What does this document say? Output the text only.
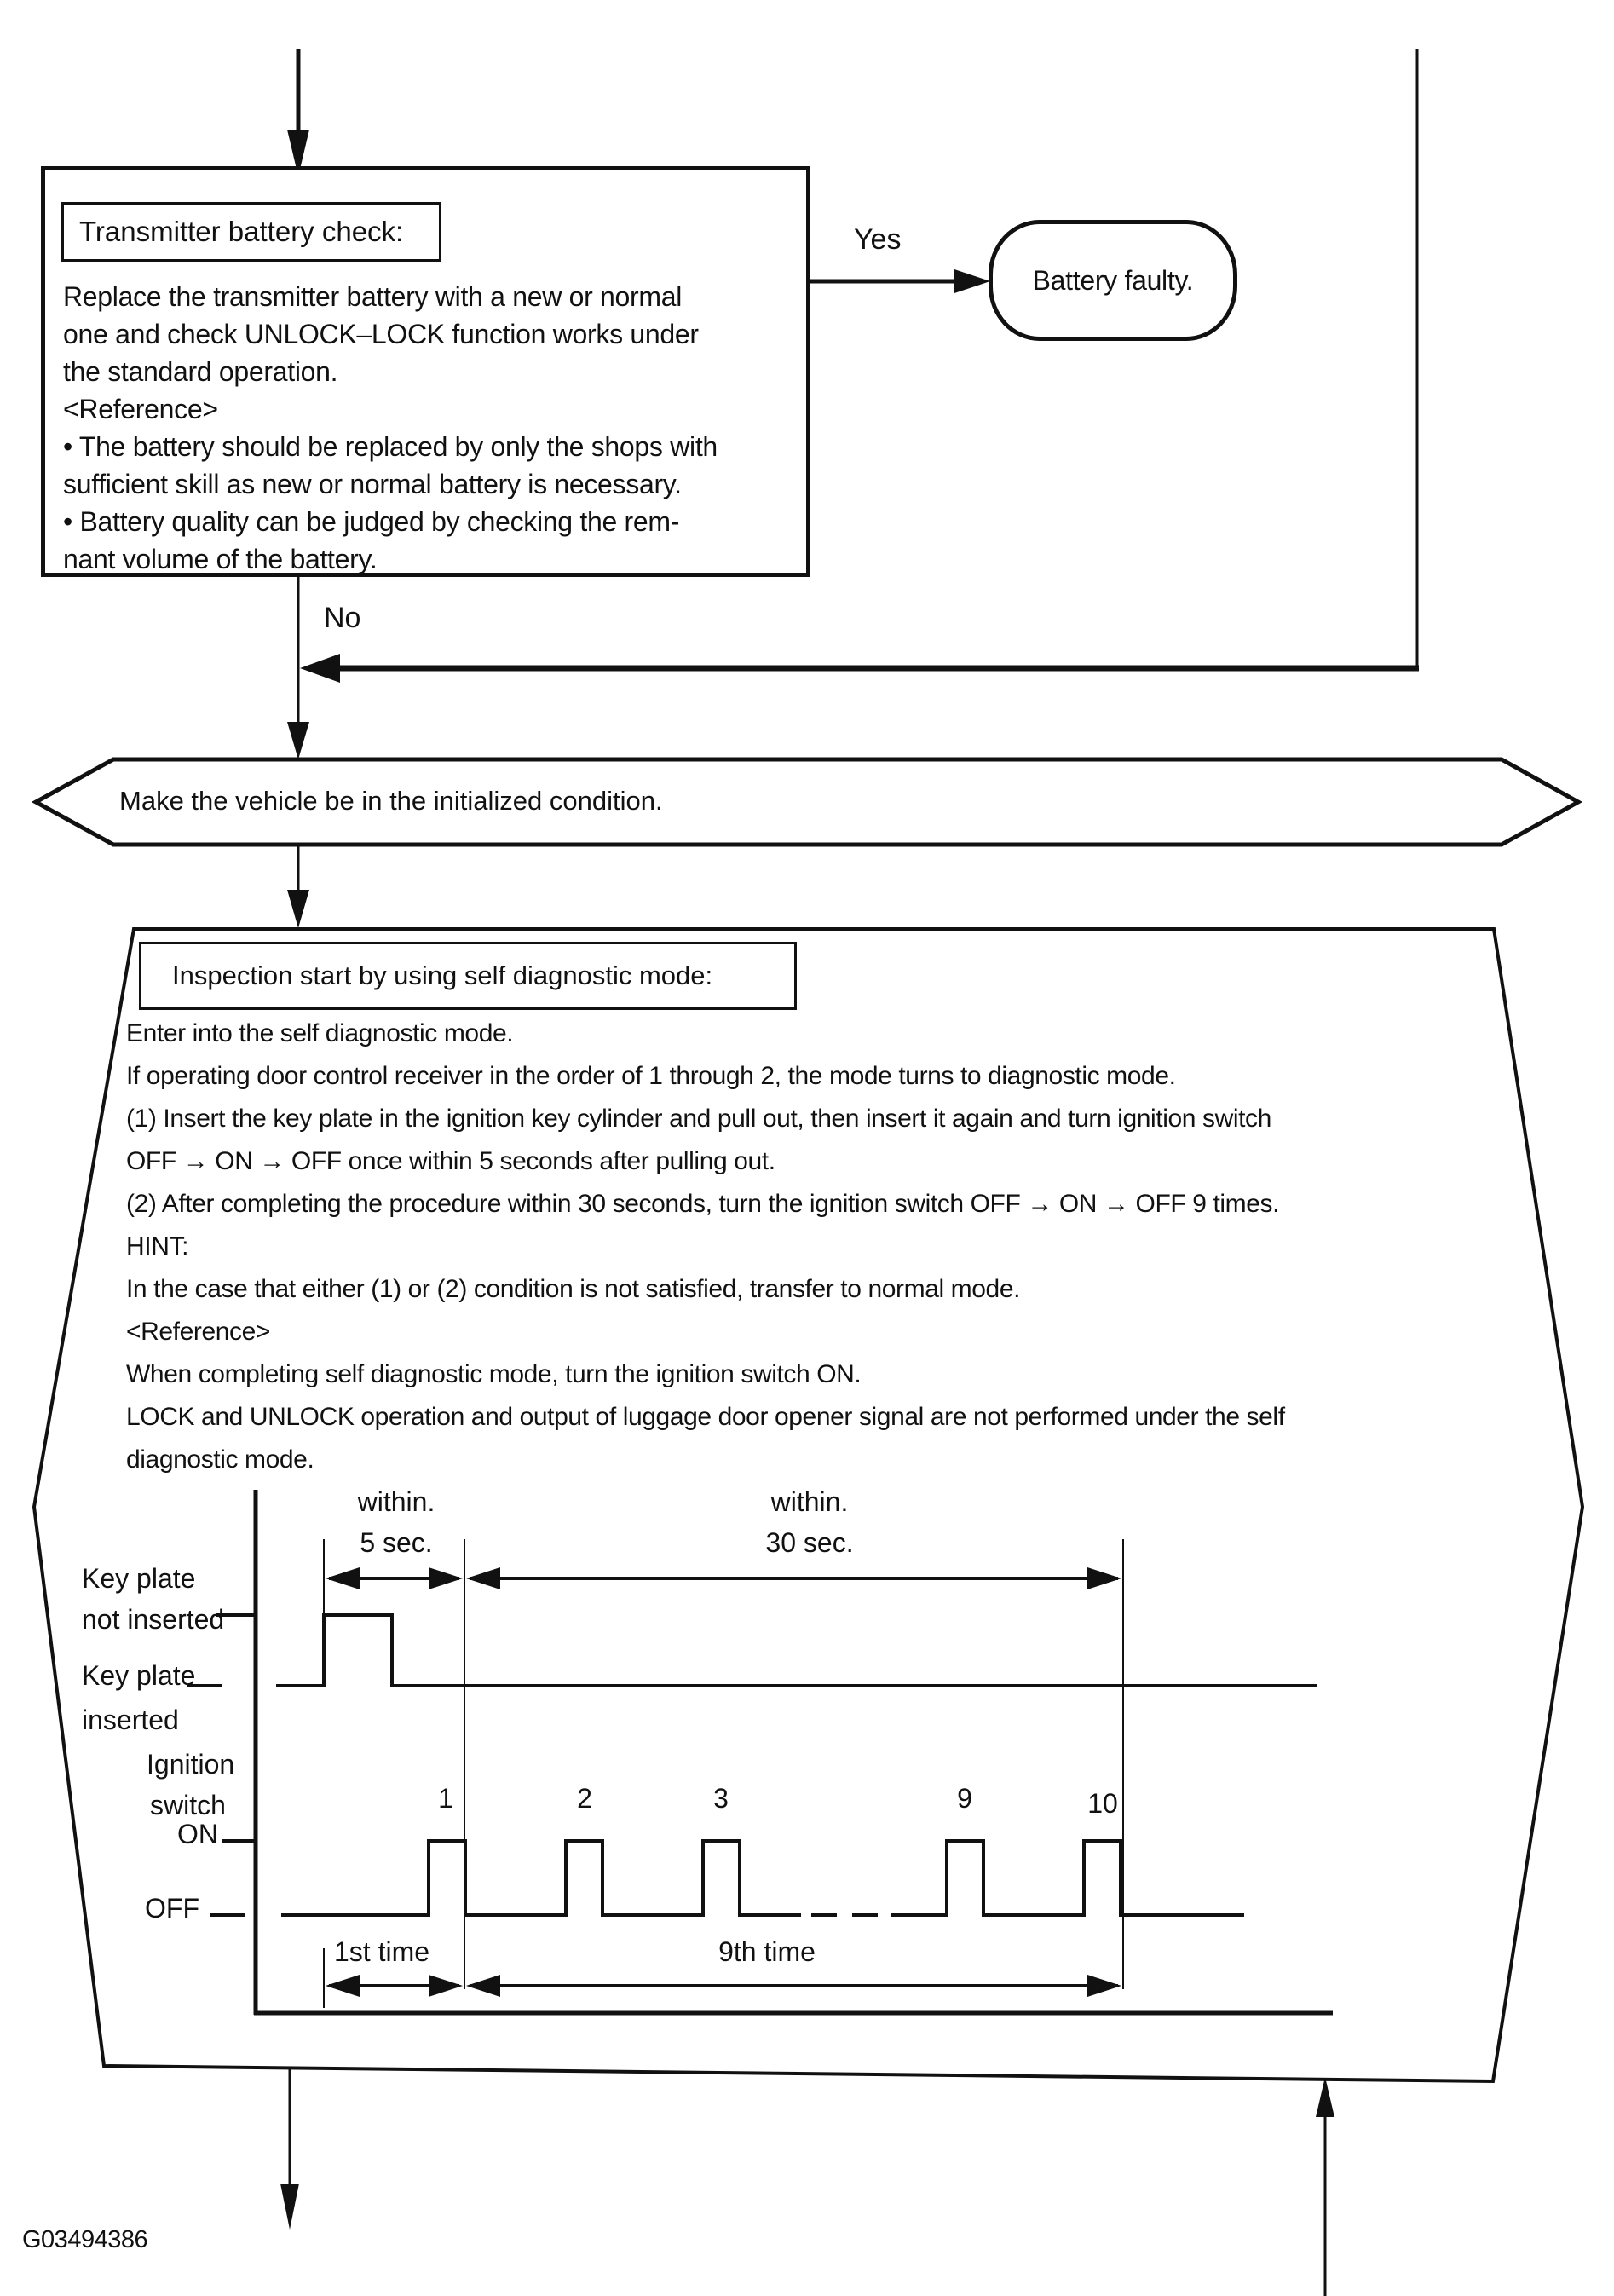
Transmitter battery check:
Replace the transmitter battery with a new or normal
one and check UNLOCK–LOCK function works under
the standard operation.
<Reference>
• The battery should be replaced by only the shops with
sufficient skill as new or normal battery is necessary.
• Battery quality can be judged by checking the rem-
nant volume of the battery.
Yes
No
Battery faulty.
Make the vehicle be in the initialized condition.
Inspection start by using self diagnostic mode:
Enter into the self diagnostic mode.
If operating door control receiver in the order of 1 through 2, the mode turns to diagnostic mode.
(1) Insert the key plate in the ignition key cylinder and pull out, then insert it again and turn ignition switch
OFF → ON → OFF once within 5 seconds after pulling out.
(2) After completing the procedure within 30 seconds, turn the ignition switch OFF → ON → OFF 9 times.
HINT:
In the case that either (1) or (2) condition is not satisfied, transfer to normal mode.
<Reference>
When completing self diagnostic mode, turn the ignition switch ON.
LOCK and UNLOCK operation and output of luggage door opener signal are not performed under the self
diagnostic mode.
within.
5 sec.
within.
30 sec.
Key plate
not inserted
Key plate
inserted
Ignition
switch
ON
OFF
1	2	3	9	10
1st time	9th time
G03494386
